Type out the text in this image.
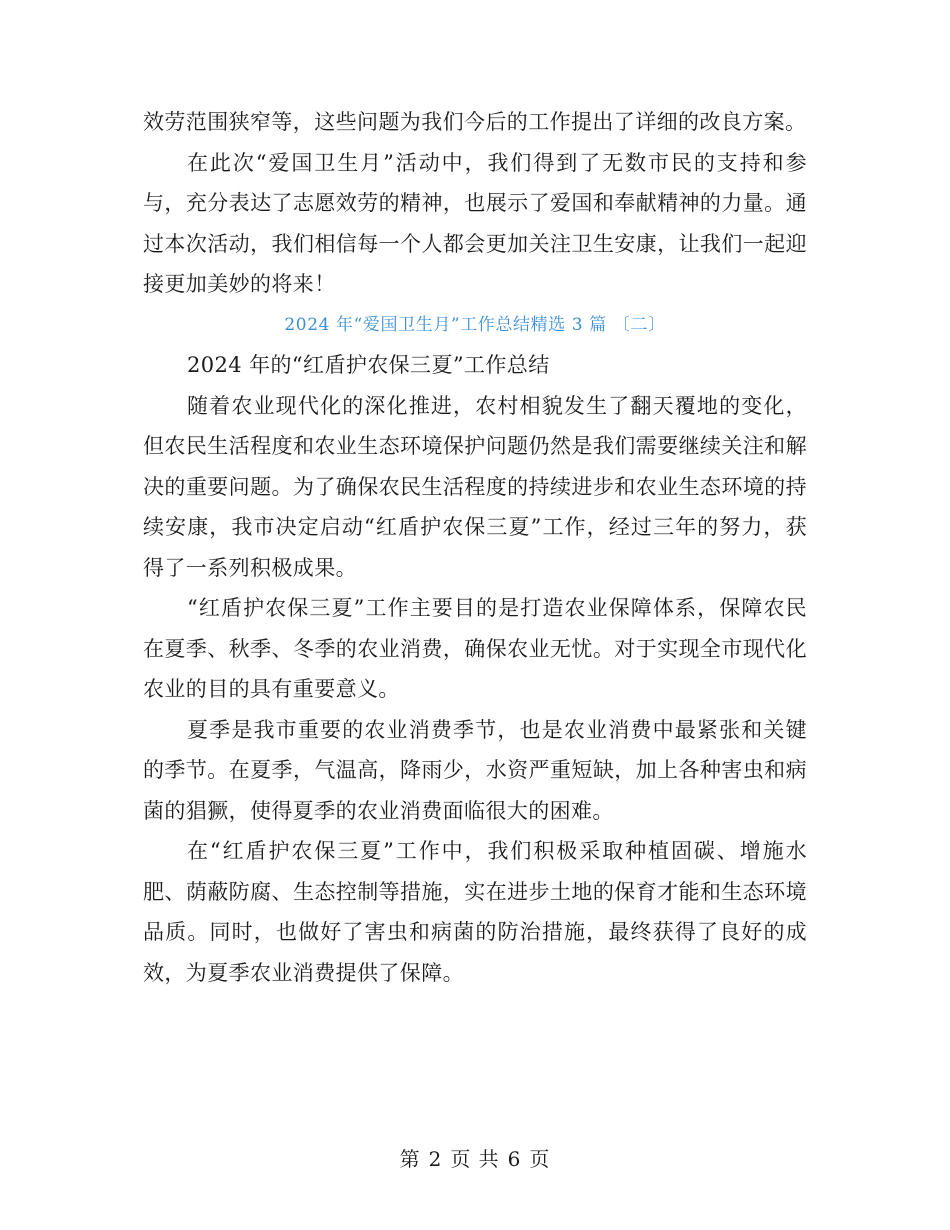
效劳范围狭窄等，这些问题为我们今后的工作提出了详细的改良方案。

在此次“爱国卫生月”活动中，我们得到了无数市民的支持和参与，充分表达了志愿效劳的精神，也展示了爱国和奉献精神的力量。通过本次活动，我们相信每一个人都会更加关注卫生安康，让我们一起迎接更加美妙的将来！

2024 年“爱国卫生月”工作总结精选 3 篇 〔二〕

2024 年的“红盾护农保三夏”工作总结

随着农业现代化的深化推进，农村相貌发生了翻天覆地的变化，但农民生活程度和农业生态环境保护问题仍然是我们需要继续关注和解决的重要问题。为了确保农民生活程度的持续进步和农业生态环境的持续安康，我市决定启动“红盾护农保三夏”工作，经过三年的努力，获得了一系列积极成果。

“红盾护农保三夏”工作主要目的是打造农业保障体系，保障农民在夏季、秋季、冬季的农业消费，确保农业无忧。对于实现全市现代化农业的目的具有重要意义。

夏季是我市重要的农业消费季节，也是农业消费中最紧张和关键的季节。在夏季，气温高，降雨少，水资严重短缺，加上各种害虫和病菌的猖獗，使得夏季的农业消费面临很大的困难。

在“红盾护农保三夏”工作中，我们积极采取种植固碳、增施水肥、荫蔽防腐、生态控制等措施，实在进步土地的保育才能和生态环境品质。同时，也做好了害虫和病菌的防治措施，最终获得了良好的成效，为夏季农业消费提供了保障。

第 2 页 共 6 页
